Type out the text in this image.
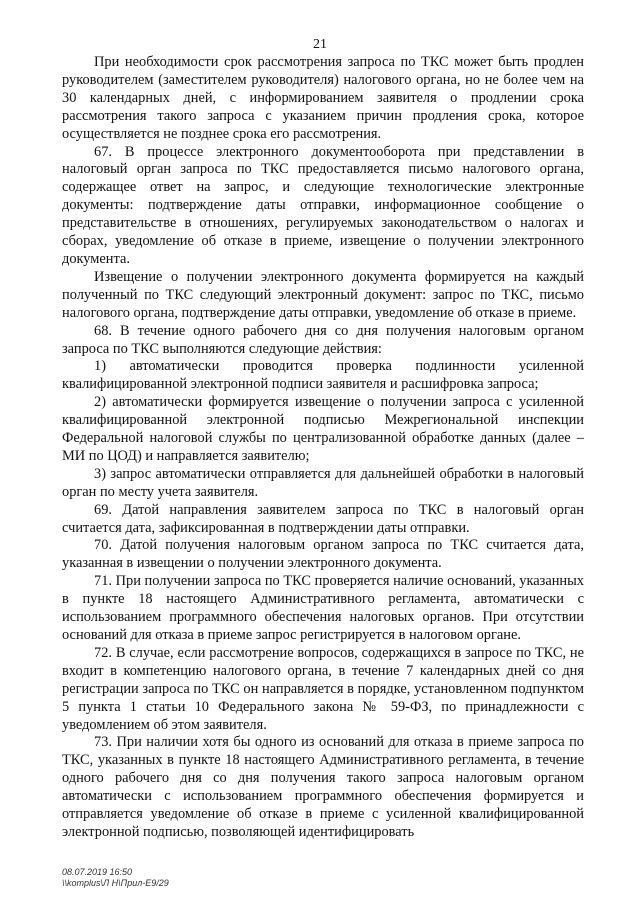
21

При необходимости срок рассмотрения запроса по ТКС может быть продлен руководителем (заместителем руководителя) налогового органа, но не более чем на 30 календарных дней, с информированием заявителя о продлении срока рассмотрения такого запроса с указанием причин продления срока, которое осуществляется не позднее срока его рассмотрения.

67. В процессе электронного документооборота при представлении в налоговый орган запроса по ТКС предоставляется письмо налогового органа, содержащее ответ на запрос, и следующие технологические электронные документы: подтверждение даты отправки, информационное сообщение о представительстве в отношениях, регулируемых законодательством о налогах и сборах, уведомление об отказе в приеме, извещение о получении электронного документа.

Извещение о получении электронного документа формируется на каждый полученный по ТКС следующий электронный документ: запрос по ТКС, письмо налогового органа, подтверждение даты отправки, уведомление об отказе в приеме.

68. В течение одного рабочего дня со дня получения налоговым органом запроса по ТКС выполняются следующие действия:

1) автоматически проводится проверка подлинности усиленной квалифицированной электронной подписи заявителя и расшифровка запроса;

2) автоматически формируется извещение о получении запроса с усиленной квалифицированной электронной подписью Межрегиональной инспекции Федеральной налоговой службы по централизованной обработке данных (далее – МИ по ЦОД) и направляется заявителю;

3) запрос автоматически отправляется для дальнейшей обработки в налоговый орган по месту учета заявителя.

69. Датой направления заявителем запроса по ТКС в налоговый орган считается дата, зафиксированная в подтверждении даты отправки.

70. Датой получения налоговым органом запроса по ТКС считается дата, указанная в извещении о получении электронного документа.

71. При получении запроса по ТКС проверяется наличие оснований, указанных в пункте 18 настоящего Административного регламента, автоматически с использованием программного обеспечения налоговых органов. При отсутствии оснований для отказа в приеме запрос регистрируется в налоговом органе.

72. В случае, если рассмотрение вопросов, содержащихся в запросе по ТКС, не входит в компетенцию налогового органа, в течение 7 календарных дней со дня регистрации запроса по ТКС он направляется в порядке, установленном подпунктом 5 пункта 1 статьи 10 Федерального закона № 59-ФЗ, по принадлежности с уведомлением об этом заявителя.

73. При наличии хотя бы одного из оснований для отказа в приеме запроса по ТКС, указанных в пункте 18 настоящего Административного регламента, в течение одного рабочего дня со дня получения такого запроса налоговым органом автоматически с использованием программного обеспечения формируется и отправляется уведомление об отказе в приеме с усиленной квалифицированной электронной подписью, позволяющей идентифицировать

08.07.2019 16:50
\\komplus\Л Н\Прил-Е9/29
